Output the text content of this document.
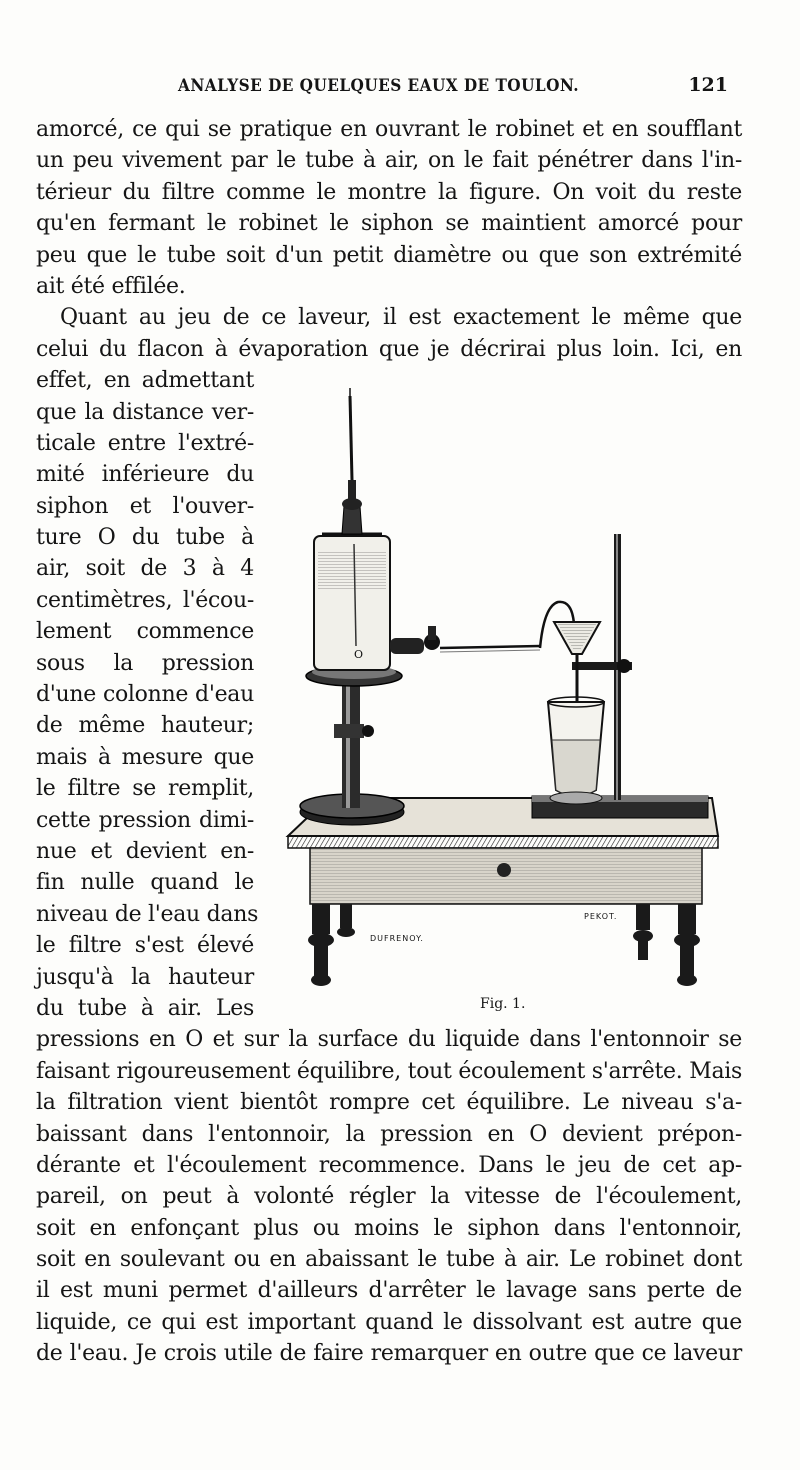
ANALYSE DE QUELQUES EAUX DE TOULON.	121
amorcé, ce qui se pratique en ouvrant le robinet et en soufflant
un peu vivement par le tube à air, on le fait pénétrer dans l'in-
térieur du filtre comme le montre la figure. On voit du reste
qu'en fermant le robinet le siphon se maintient amorcé pour
peu que le tube soit d'un petit diamètre ou que son extrémité
ait été effilée.
Quant au jeu de ce laveur, il est exactement le même que
celui du flacon à évaporation que je décrirai plus loin. Ici, en
effet, en admettant
que la distance ver-
ticale entre l'extré-
mité inférieure du
siphon et l'ouver-
ture O du tube à
air, soit de 3 à 4
centimètres, l'écou-
lement commence
sous la pression
d'une colonne d'eau
de même hauteur;
mais à mesure que
le filtre se remplit,
cette pression dimi-
nue et devient en-
fin nulle quand le
niveau de l'eau dans
le filtre s'est élevé
jusqu'à la hauteur
du tube à air. Les
pressions en O et sur la surface du liquide dans l'entonnoir se
faisant rigoureusement équilibre, tout écoulement s'arrête. Mais
la filtration vient bientôt rompre cet équilibre. Le niveau s'a-
baissant dans l'entonnoir, la pression en O devient prépon-
dérante et l'écoulement recommence. Dans le jeu de cet ap-
pareil, on peut à volonté régler la vitesse de l'écoulement,
soit en enfonçant plus ou moins le siphon dans l'entonnoir,
soit en soulevant ou en abaissant le tube à air. Le robinet dont
il est muni permet d'ailleurs d'arrêter le lavage sans perte de
liquide, ce qui est important quand le dissolvant est autre que
de l'eau. Je crois utile de faire remarquer en outre que ce laveur
O
DUFRENOY.
PEKOT.
Fig. 1.
